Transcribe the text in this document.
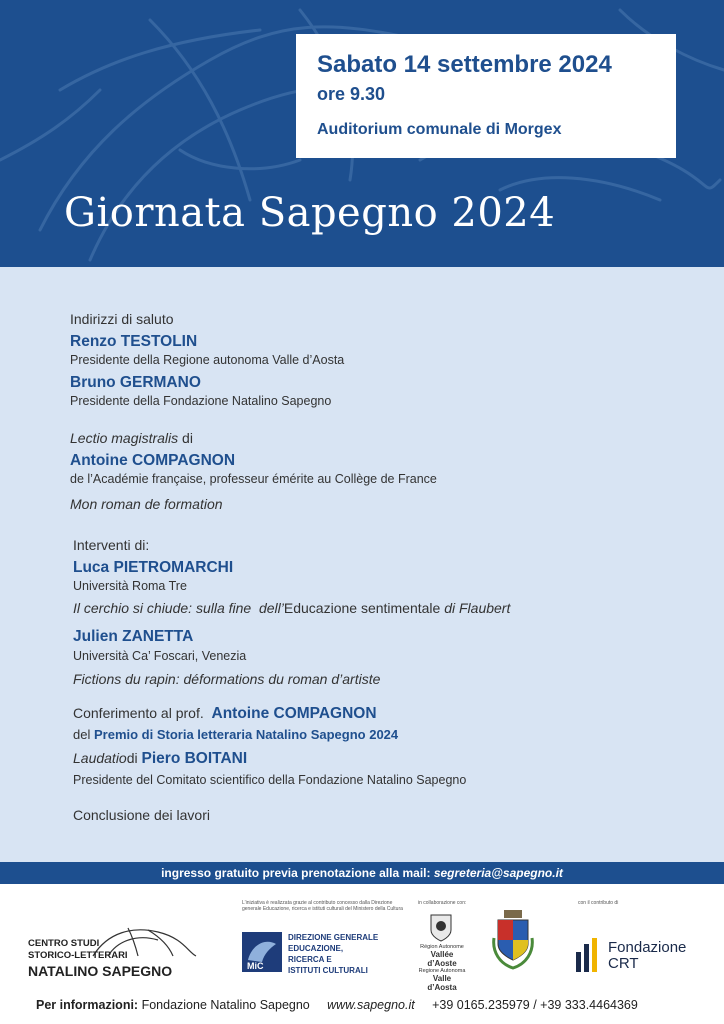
Sabato 14 settembre 2024
ore 9.30
Auditorium comunale di Morgex
Giornata Sapegno 2024
Indirizzi di saluto
Renzo TESTOLIN
Presidente della Regione autonoma Valle d’Aosta
Bruno GERMANO
Presidente della Fondazione Natalino Sapegno
Lectio magistralis di
Antoine COMPAGNON
de l’Académie française, professeur émérite au Collège de France
Mon roman de formation
Interventi di:
Luca PIETROMARCHI
Università Roma Tre
Il cerchio si chiude: sulla fine  dell’Educazione sentimentale di Flaubert
Julien ZANETTA
Università Ca’ Foscari, Venezia
Fictions du rapin: déformations du roman d’artiste
Conferimento al prof. Antoine COMPAGNON
del Premio di Storia letteraria Natalino Sapegno 2024
Laudatiodi Piero BOITANI
Presidente del Comitato scientifico della Fondazione Natalino Sapegno
Conclusione dei lavori
ingresso gratuito previa prenotazione alla mail: segreteria@sapegno.it
CENTRO STUDI
STORICO-LETTERARI
NATALINO SAPEGNO
L’iniziativa è realizzata grazie al contributo concesso dalla Direzione generale Educazione, ricerca e istituti culturali del Ministero della Cultura
MiC
DIREZIONE GENERALE
EDUCAZIONE,
RICERCA E
ISTITUTI CULTURALI
in collaborazione con:
Région Autonome
Vallée d’Aoste
Regione Autonoma
Valle d’Aosta
con il contributo di
Fondazione
CRT
Per informazioni: Fondazione Natalino Sapegno www.sapegno.it +39 0165.235979 / +39 333.4464369
